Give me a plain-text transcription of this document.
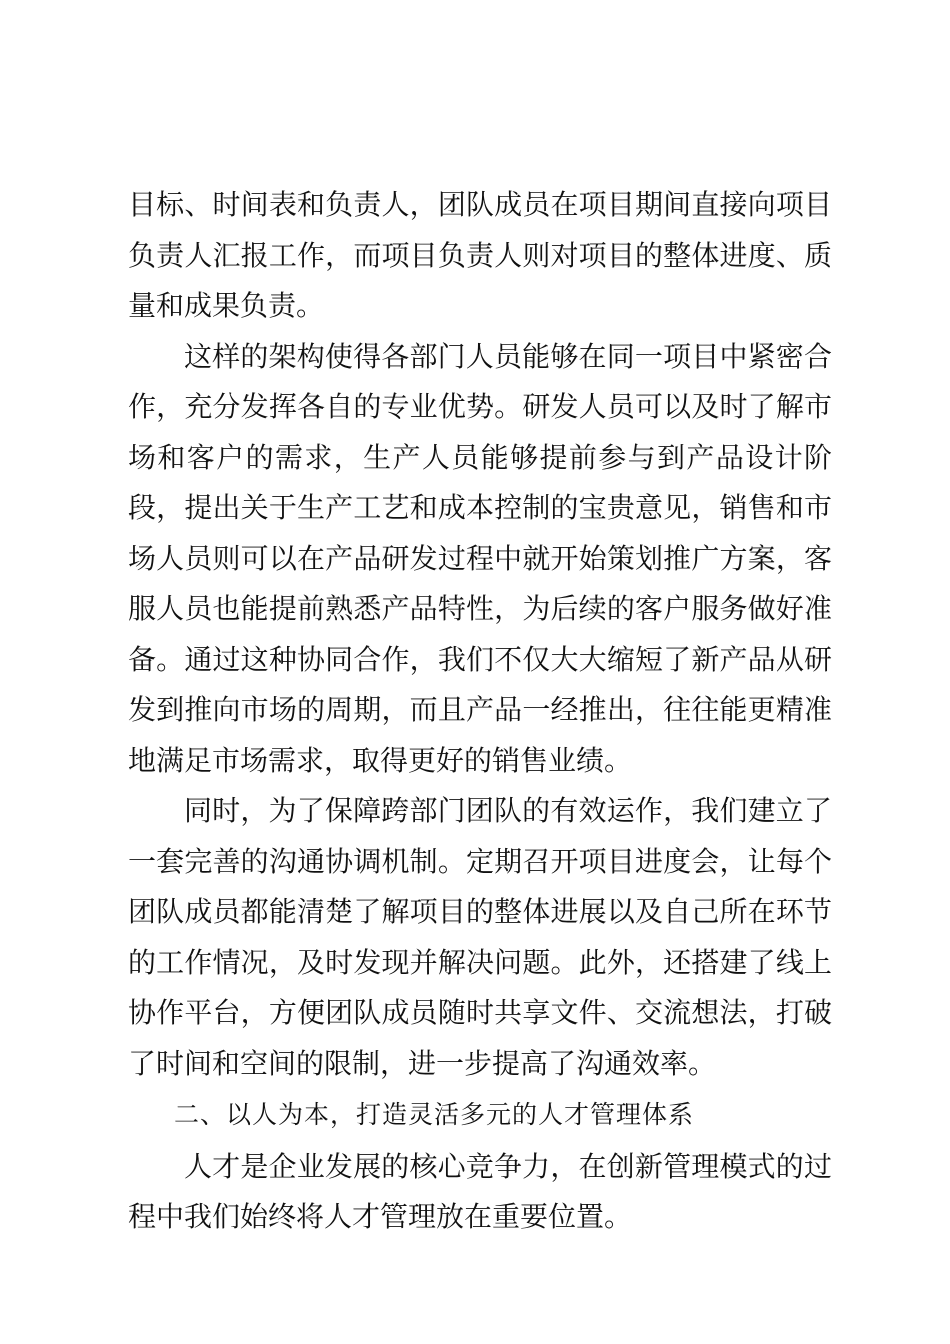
目标、时间表和负责人，团队成员在项目期间直接向项目负责人汇报工作，而项目负责人则对项目的整体进度、质量和成果负责。

这样的架构使得各部门人员能够在同一项目中紧密合作，充分发挥各自的专业优势。研发人员可以及时了解市场和客户的需求，生产人员能够提前参与到产品设计阶段，提出关于生产工艺和成本控制的宝贵意见，销售和市场人员则可以在产品研发过程中就开始策划推广方案，客服人员也能提前熟悉产品特性，为后续的客户服务做好准备。通过这种协同合作，我们不仅大大缩短了新产品从研发到推向市场的周期，而且产品一经推出，往往能更精准地满足市场需求，取得更好的销售业绩。

同时，为了保障跨部门团队的有效运作，我们建立了一套完善的沟通协调机制。定期召开项目进度会，让每个团队成员都能清楚了解项目的整体进展以及自己所在环节的工作情况，及时发现并解决问题。此外，还搭建了线上协作平台，方便团队成员随时共享文件、交流想法，打破了时间和空间的限制，进一步提高了沟通效率。

二、以人为本，打造灵活多元的人才管理体系

人才是企业发展的核心竞争力，在创新管理模式的过程中我们始终将人才管理放在重要位置。
